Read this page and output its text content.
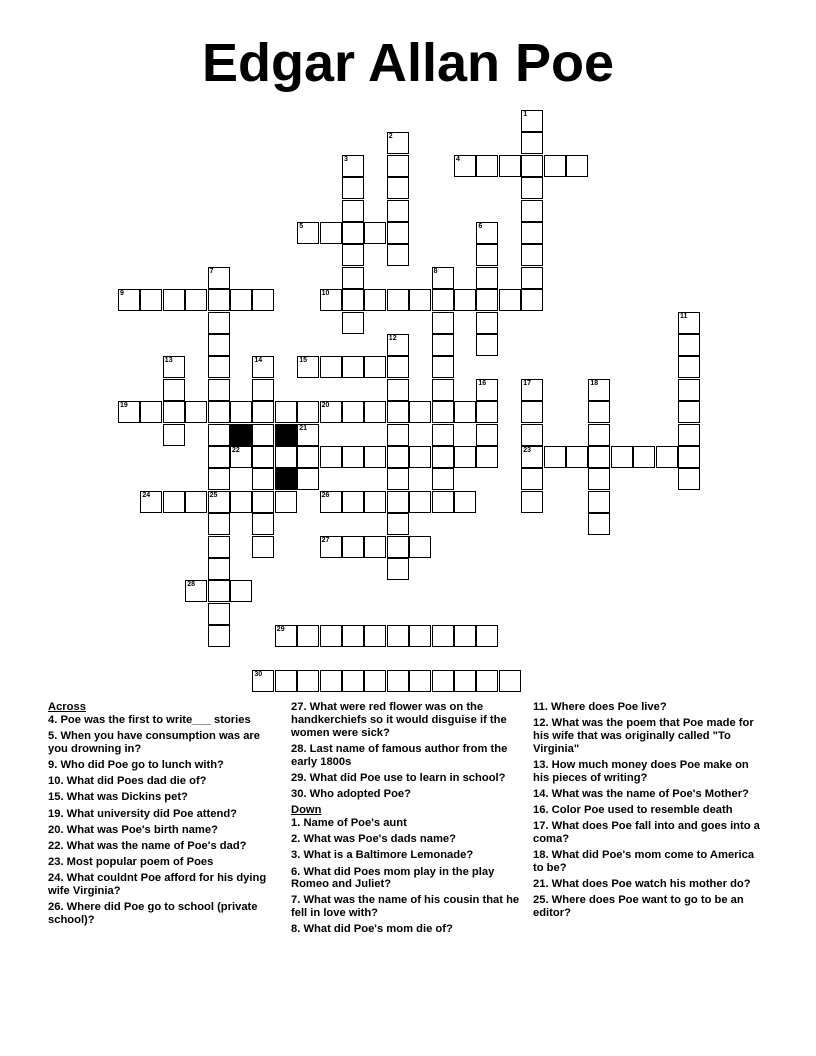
Edgar Allan Poe
4
5
9	10
15
19	20
22	23
24	25	26
27
28
29
30
1
2
3
6
7	8
11
12
13	14
16	17	18
21
Across
4. Poe was the first to write___ stories
5. When you have consumption was are you drowning in?
9. Who did Poe go to lunch with?
10. What did Poes dad die of?
15. What was Dickins pet?
19. What university did Poe attend?
20. What was Poe's birth name?
22. What was the name of Poe's dad?
23. Most popular poem of Poes
24. What couldnt Poe afford for his dying wife Virginia?
26. Where did Poe go to school (private school)?
27. What were red flower was on the handkerchiefs so it would disguise if the women were sick?
28. Last name of famous author from the early 1800s
29. What did Poe use to learn in school?
30. Who adopted Poe?
Down
1. Name of Poe's aunt
2. What was Poe's dads name?
3. What is a Baltimore Lemonade?
6. What did Poes mom play in the play Romeo and Juliet?
7. What was the name of his cousin that he fell in love with?
8. What did Poe's mom die of?
11. Where does Poe live?
12. What was the poem that Poe made for his wife that was originally called "To Virginia"
13. How much money does Poe make on his pieces of writing?
14. What was the name of Poe's Mother?
16. Color Poe used to resemble death
17. What does Poe fall into and goes into a coma?
18. What did Poe's mom come to America to be?
21. What does Poe watch his mother do?
25. Where does Poe want to go to be an editor?
